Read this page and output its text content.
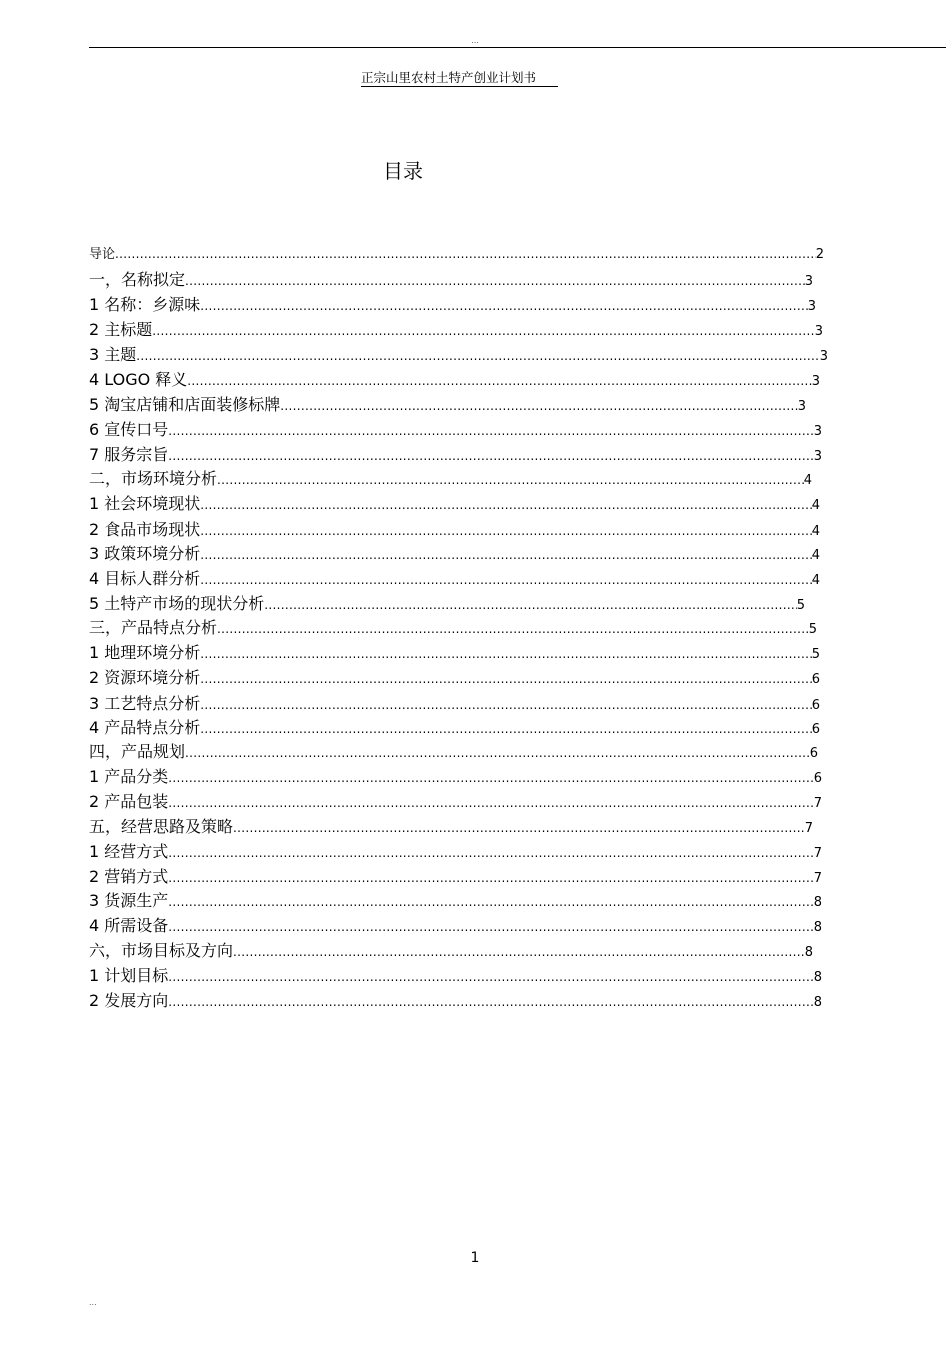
...
正宗山里农村土特产创业计划书
目录
导论 .....	2
一，名称拟定 .....	3
1 名称：乡源味 .....	3
2 主标题 .....	3
3 主题 .....	3
4 LOGO 释义 .....	3
5 淘宝店铺和店面装修标牌 .....	3
6 宣传口号 .....	3
7 服务宗旨 .....	3
二，市场环境分析 .....	4
1 社会环境现状 .....	4
2 食品市场现状 .....	4
3 政策环境分析 .....	4
4 目标人群分析 .....	4
5 土特产市场的现状分析 .....	5
三，产品特点分析 .....	5
1 地理环境分析 .....	5
2 资源环境分析 .....	6
3 工艺特点分析 .....	6
4 产品特点分析 .....	6
四，产品规划 .....	6
1 产品分类 .....	6
2 产品包装 .....	7
五，经营思路及策略 .....	7
1 经营方式 .....	7
2 营销方式 .....	7
3 货源生产 .....	8
4 所需设备 .....	8
六，市场目标及方向 .....	8
1 计划目标 .....	8
2 发展方向 .....	8
1
...
